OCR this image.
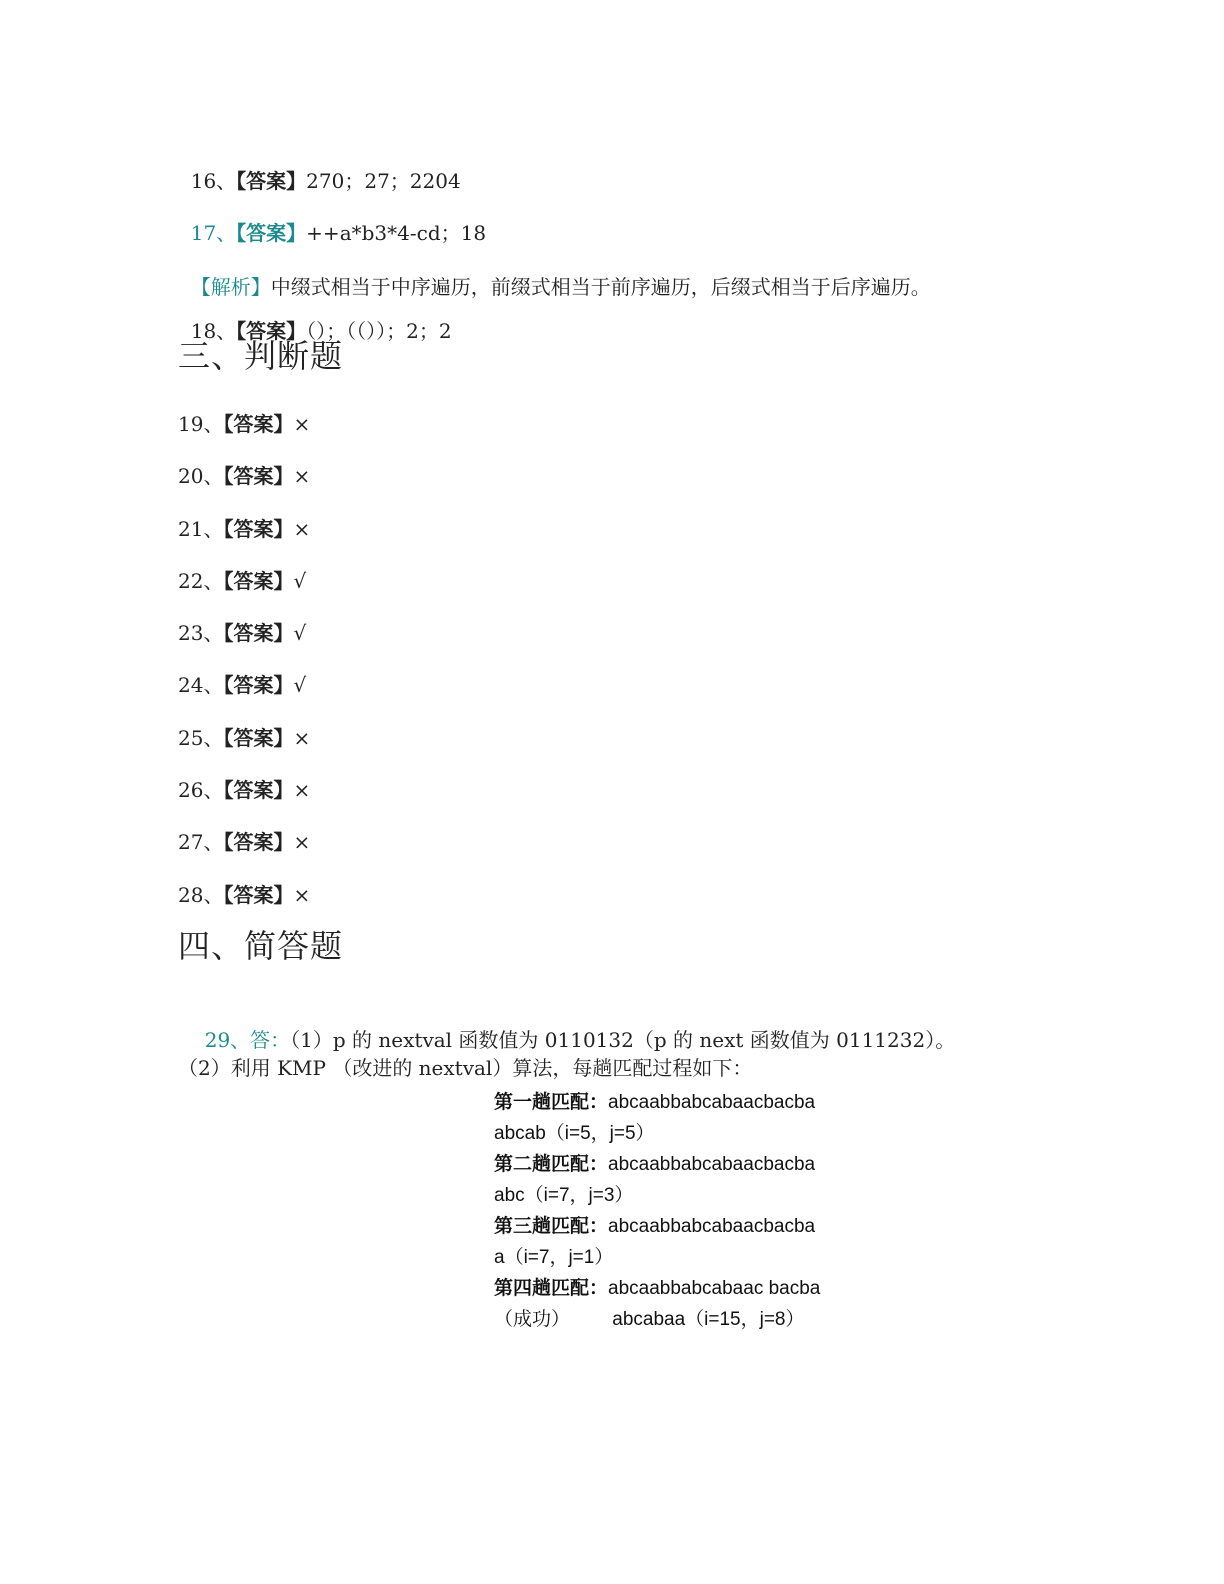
16、【答案】270；27；2204

17、【答案】++a*b3*4-cd；18

【解析】中缀式相当于中序遍历，前缀式相当于前序遍历，后缀式相当于后序遍历。

18、【答案】（）；（（））；2；2

三、判断题
19、【答案】×
20、【答案】×
21、【答案】×
22、【答案】√
23、【答案】√
24、【答案】√
25、【答案】×
26、【答案】×
27、【答案】×
28、【答案】×
四、简答题

29、答：（1）p 的 nextval 函数值为 0110132（p 的 next 函数值为 0111232）。

（2）利用 KMP （改进的 nextval）算法，每趟匹配过程如下：
第一趟匹配：abcaabbabcabaacbacba
abcab（i=5，j=5）
第二趟匹配：abcaabbabcabaacbacba
abc（i=7，j=3）
第三趟匹配：abcaabbabcabaacbacba
a（i=7，j=1）
第四趟匹配：abcaabbabcabaac bacba
（成功）        abcabaa（i=15，j=8）
